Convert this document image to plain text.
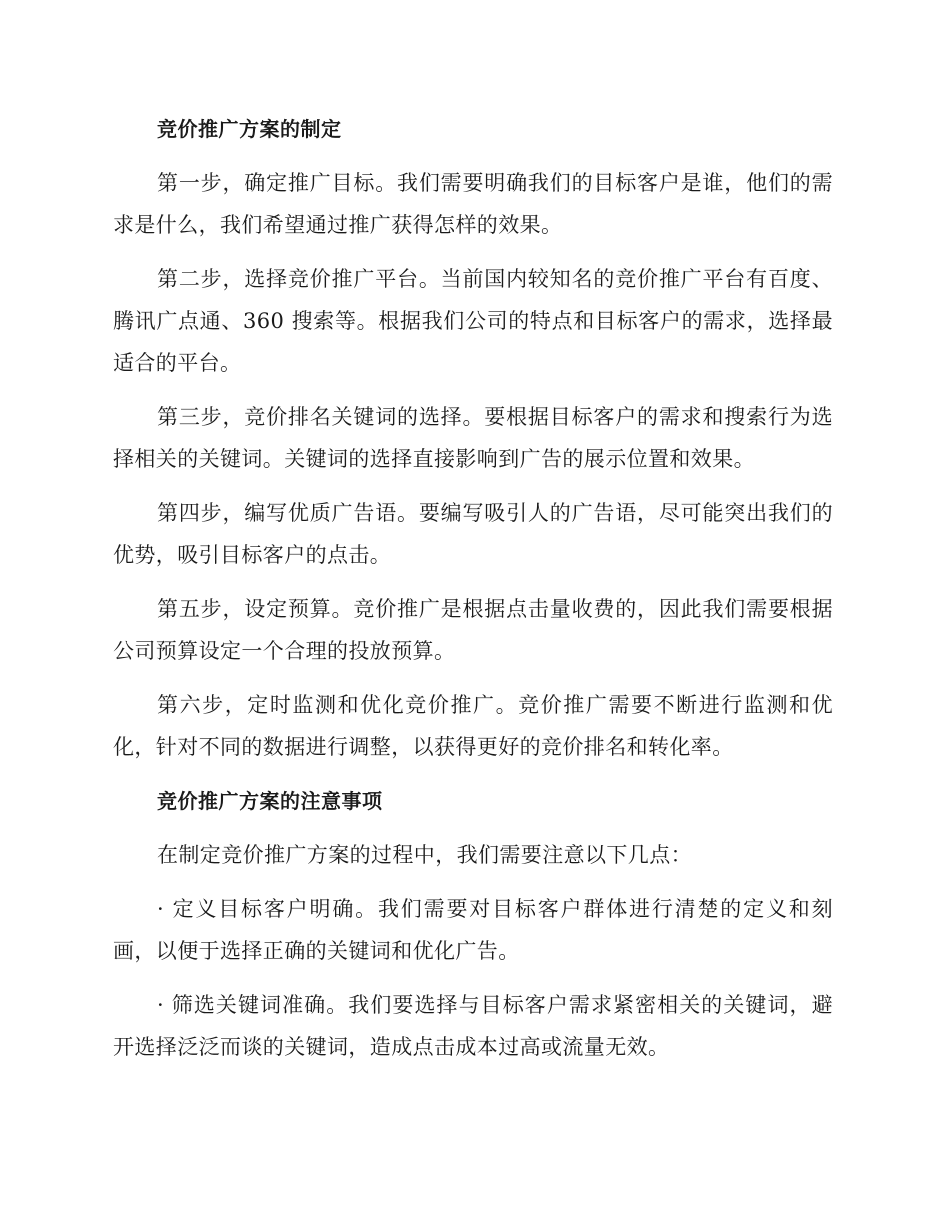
竞价推广方案的制定

第一步，确定推广目标。我们需要明确我们的目标客户是谁，他们的需求是什么，我们希望通过推广获得怎样的效果。

第二步，选择竞价推广平台。当前国内较知名的竞价推广平台有百度、腾讯广点通、360 搜索等。根据我们公司的特点和目标客户的需求，选择最适合的平台。

第三步，竞价排名关键词的选择。要根据目标客户的需求和搜索行为选择相关的关键词。关键词的选择直接影响到广告的展示位置和效果。

第四步，编写优质广告语。要编写吸引人的广告语，尽可能突出我们的优势，吸引目标客户的点击。

第五步，设定预算。竞价推广是根据点击量收费的，因此我们需要根据公司预算设定一个合理的投放预算。

第六步，定时监测和优化竞价推广。竞价推广需要不断进行监测和优化，针对不同的数据进行调整，以获得更好的竞价排名和转化率。

竞价推广方案的注意事项

在制定竞价推广方案的过程中，我们需要注意以下几点：

· 定义目标客户明确。我们需要对目标客户群体进行清楚的定义和刻画，以便于选择正确的关键词和优化广告。

· 筛选关键词准确。我们要选择与目标客户需求紧密相关的关键词，避开选择泛泛而谈的关键词，造成点击成本过高或流量无效。
